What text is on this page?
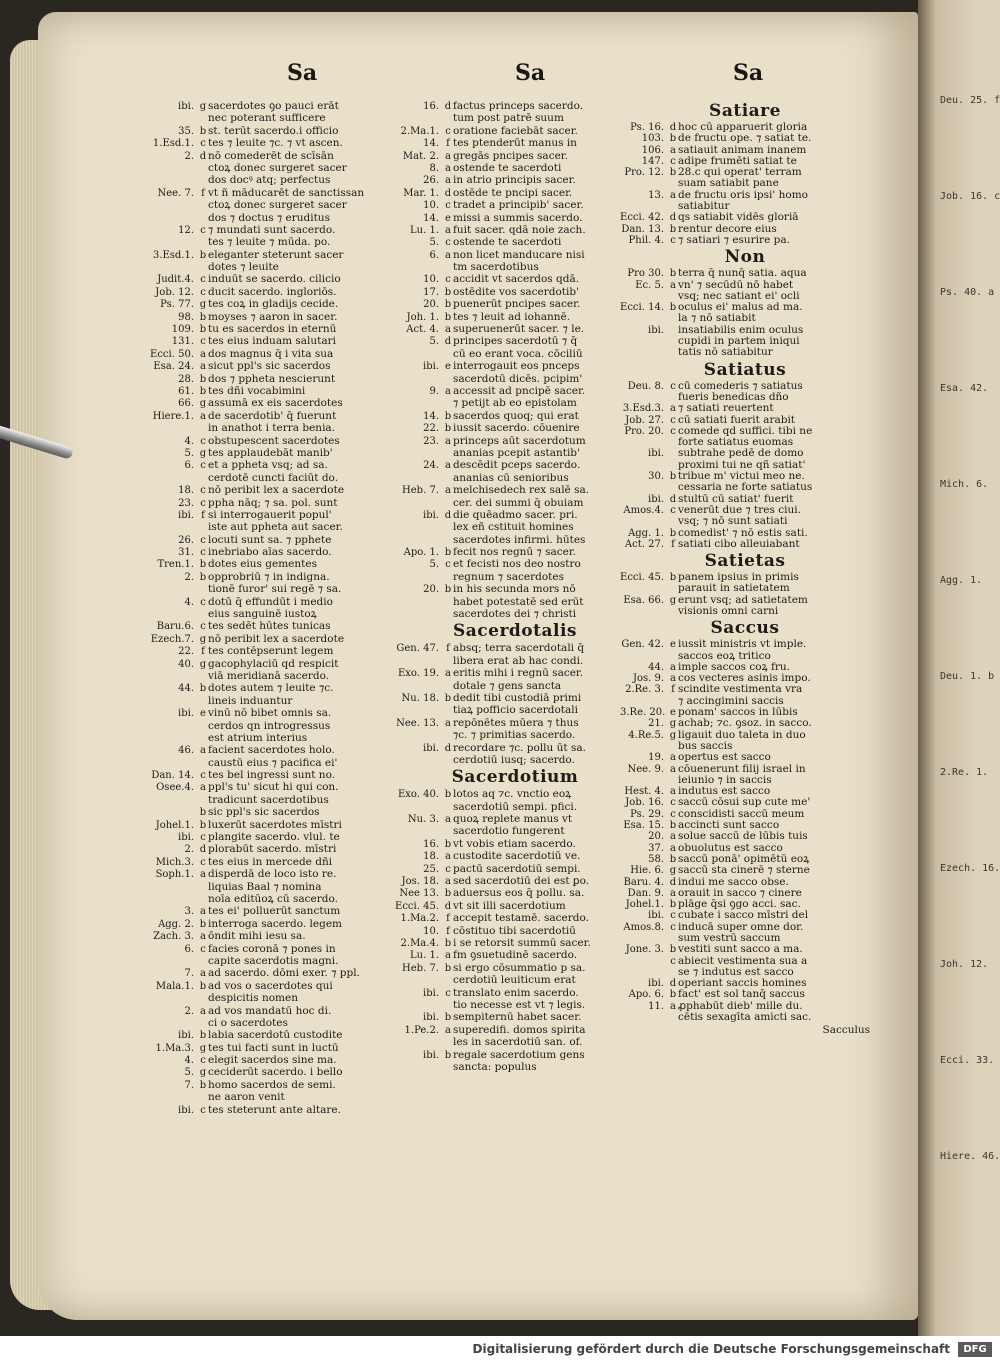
Deu. 25. f
Job. 16. c
Ps. 40. a
Esa. 42.
Mich. 6.
Agg. 1.
Deu. 1. b
2.Re. 1.
Ezech. 16.
Joh. 12.
Ecci. 33.
Hiere. 46.
Sa	Sa	Sa
ibi. g sacerdotes ꝯo pauci erāt
nec poterant sufficere
35. b st. terūt sacerdo.i officio
1.Esd.1. c tes ⁊ leuite ⁊c. ⁊ vt ascen.
2. d nō comederēt de scīsān
ctoꝝ donec surgeret sacer
dos docꝰ atq; perfectus
Nee. 7. f vt ñ māducarēt de sanctissan
ctoꝝ donec surgeret sacer
dos ⁊ doctus ⁊ eruditus
12. c ⁊ mundati sunt sacerdo.
tes ⁊ leuite ⁊ mūda. po.
3.Esd.1. b eleganter steterunt sacer
dotes ⁊ leuite
Judit.4. c induūt se sacerdo. cilicio
Job. 12. c ducit sacerdo. ingloriōs.
Ps. 77. g tes coꝝ in gladijs cecide.
98. b moyses ⁊ aaron in sacer.
109. b tu es sacerdos in eternū
131. c tes eius induam salutari
Ecci. 50. a dos magnus q̄ i vita sua
Esa. 24. a sicut ppl's sic sacerdos
28. b dos ⁊ ppheta nescierunt
61. b tes dñi vocabimini
66. g assumā ex eis sacerdotes
Hiere.1. a de sacerdotib' q̄ fuerunt
in anathot i terra benia.
4. c obstupescent sacerdotes
5. g tes applaudebāt manib'
6. c et a ppheta vsq; ad sa.
cerdotē cuncti faciūt do.
18. c nō peribit lex a sacerdote
23. c ppha nāq; ⁊ sa. pol. sunt
ibi. f si interrogauerit popul'
iste aut ppheta aut sacer.
26. c locuti sunt sa. ⁊ pphete
31. c inebriabo aīas sacerdo.
Tren.1. b dotes eius gementes
2. b opprobriū ⁊ in indigna.
tionē furor' sui regē ⁊ sa.
4. c dotū q̄ effundūt i medio
eius sanguinē iustoꝝ
Baru.6. c tes sedēt hūtes tunicas
Ezech.7. g nō peribit lex a sacerdote
22. f tes contēpserunt legem
40. g gacophylaciū qd respicit
viā meridianā sacerdo.
44. b dotes autem ⁊ leuite ⁊c.
lineis induantur
ibi. e vinū nō bibet omnis sa.
cerdos qn introgressus
est atrium interius
46. a facient sacerdotes holo.
caustū eius ⁊ pacifica ei'
Dan. 14. c tes bel ingressi sunt no.
Osee.4. a ppl's tu' sicut hi qui con.
tradicunt sacerdotibus
b sic ppl's sic sacerdos
Johel.1. b luxerūt sacerdotes mīstri
ibi. c plangite sacerdo. vlul. te
2. d plorabūt sacerdo. mīstri
Mich.3. c tes eius in mercede dñi
Soph.1. a disperdā de loco isto re.
liquias Baal ⁊ nomina
noīa editūoꝝ cū sacerdo.
3. a tes ei' polluerūt sanctum
Agg. 2. b interroga sacerdo. legem
Zach. 3. a ōndit mihi iesu sa.
6. c facies coronā ⁊ pones in
capite sacerdotis magni.
7. a ad sacerdo. dōmi exer. ⁊ ppl.
Mala.1. b ad vos o sacerdotes qui
despicitis nomen
2. a ad vos mandatū hoc di.
ci o sacerdotes
ibi. b labia sacerdotū custodite
1.Ma.3. g tes tui facti sunt in luctū
4. c elegit sacerdos sine ma.
5. g ceciderūt sacerdo. i bello
7. b homo sacerdos de semi.
ne aaron venit
ibi. c tes steterunt ante altare.
16. d factus princeps sacerdo.
tum post patrē suum
2.Ma.1. c oratione faciebāt sacer.
14. f tes ptenderūt manus in
Mat. 2. a gregās pncipes sacer.
8. a ostende te sacerdoti
26. a in atrio principis sacer.
Mar. 1. d ostēde te pncipi sacer.
10. c tradet a principib' sacer.
14. e missi a summis sacerdo.
Lu. 1. a fuit sacer. qdā noie zach.
5. c ostende te sacerdoti
6. a non licet manducare nisi
tm sacerdotibus
10. c accidit vt sacerdos qdā.
17. b ostēdite vos sacerdotib'
20. b puenerūt pncipes sacer.
Joh. 1. b tes ⁊ leuit ad iohannē.
Act. 4. a superuenerūt sacer. ⁊ le.
5. d principes sacerdotū ⁊ q̄
cū eo erant voca. cōciliū
ibi. e interrogauit eos pnceps
sacerdotū dicēs. pcipim'
9. a accessit ad pncipē sacer.
⁊ petijt ab eo epistolam
14. b sacerdos quoq; qui erat
22. b iussit sacerdo. cōuenire
23. a princeps aūt sacerdotum
ananias pcepit astantib'
24. a descēdit pceps sacerdo.
ananias cū senioribus
Heb. 7. a melchisedech rex salē sa.
cer. dei summi q̄ obuiam
ibi. d die quēadmo sacer. pri.
lex eñ cstituit homines
sacerdotes infirmi. hūtes
Apo. 1. b fecit nos regnū ⁊ sacer.
5. c et fecisti nos deo nostro
regnum ⁊ sacerdotes
20. b in his secunda mors nō
habet potestatē sed erūt
sacerdotes dei ⁊ christi
Sacerdotalis
Gen. 47. f absq; terra sacerdotali q̄
libera erat ab hac condi.
Exo. 19. a eritis mihi i regnū sacer.
dotale ⁊ gens sancta
Nu. 18. b dedit tibi custodiā primi
tiaꝝ pofficio sacerdotali
Nee. 13. a repōnētes mūera ⁊ thus
⁊c. ⁊ primitias sacerdo.
ibi. d recordare ⁊c. pollu ūt sa.
cerdotiū iusq; sacerdo.
Sacerdotium
Exo. 40. b lotos aq ⁊c. vnctio eoꝝ
sacerdotiū sempi. pfici.
Nu. 3. a quoꝝ replete manus vt
sacerdotio fungerent
16. b vt vobis etiam sacerdo.
18. a custodite sacerdotiū ve.
25. c pactū sacerdotiū sempi.
Jos. 18. a sed sacerdotiū dei est ꝑo.
Nee 13. b aduersus eos q̄ pollu. sa.
Ecci. 45. d vt sit illi sacerdotium
1.Ma.2. f accepit testamē. sacerdo.
10. f cōstituo tibi sacerdotiū
2.Ma.4. b i se retorsit summū sacer.
Lu. 1. a fm ꝯsuetudinē sacerdo.
Heb. 7. b si ergo cōsummatio p sa.
cerdotiū leuiticum erat
ibi. c translato enim sacerdo.
tio necesse est vt ⁊ legis.
ibi. b sempiternū habet sacer.
1.Pe.2. a superedifi. domos spirita
les in sacerdotiū san. of.
ibi. b regale sacerdotium gens
sancta: populus
Satiare
Ps. 16. d hoc cū apparuerit gloria
103. b de fructu ope. ⁊ satiat te.
106. a satiauit animam inanem
147. c adipe frumēti satiat te
Pro. 12. b 28.c qui operat' terram
suam satiabit pane
13. a de fructu oris ipsi' homo
satiabitur
Ecci. 42. d qs satiabit vidēs gloriā
Dan. 13. b rentur decore eius
Phil. 4. c ⁊ satiari ⁊ esurire pa.
Non
Pro 30. b terra q̄ nunq̄ satia. aqua
Ec. 5. a vn' ⁊ secūdū nō habet
vsq; nec satiant ei' ocli
Ecci. 14. b oculus ei' malus ad ma.
la ⁊ nō satiabit
ibi. insatiabilis enim oculus
cupidi in partem iniqui
tatis nō satiabitur
Satiatus
Deu. 8. c cū comederis ⁊ satiatus
fueris benedicas dño
3.Esd.3. a ⁊ satiati reuertent
Job. 27. c cū satiati fuerit arabit
Pro. 20. c comede qd suffici. tibi ne
forte satiatus euomas
ibi. subtrahe pedē de domo
proximi tui ne qñ satiat'
30. b tribue m' victui meo ne.
cessaria ne forte satiatus
ibi. d stultū cū satiat' fuerit
Amos.4. c venerūt due ⁊ tres ciui.
vsq; ⁊ nō sunt satiati
Agg. 1. b comedist' ⁊ nō estis sati.
Act. 27. f satiati cibo alleuiabant
Satietas
Ecci. 45. b panem ipsius in primis
parauit in satietatem
Esa. 66. g erunt vsq; ad satietatem
visionis omni carni
Saccus
Gen. 42. e iussit ministris vt imple.
saccos eoꝝ tritico
44. a imple saccos coꝝ fru.
Jos. 9. a cos vecteres asinis impo.
2.Re. 3. f scindite vestimenta vra
⁊ accingimini saccis
3.Re. 20. e ponam' saccos in lūbis
21. g achab; ⁊c. ꝯsoz. in sacco.
4.Re.5. g ligauit duo taleta in duo
bus saccis
19. a opertus est sacco
Nee. 9. a cōuenerunt filij israel in
ieiunio ⁊ in saccis
Hest. 4. a indutus est sacco
Job. 16. c saccū cōsui sup cute me'
Ps. 29. c conscidisti saccū meum
Esa. 15. b accincti sunt sacco
20. a solue saccū de lūbis tuis
37. a obuolutus est sacco
58. b saccū ponā' opimētū eoꝝ
Hie. 6. g saccū sta cinerē ⁊ sterne
Baru. 4. d indui me sacco obse.
Dan. 9. a orauit in sacco ⁊ cinere
Johel.1. b plāge q̄si ꝯgo acci. sac.
ibi. c cubate i sacco mīstri del
Amos.8. c inducā super omne dor.
sum vestrū saccum
Jone. 3. b vestiti sunt sacco a ma.
c abiecit vestimenta sua a
se ⁊ indutus est sacco
ibi. d operiant saccis homines
Apo. 6. b fact' est sol tanq̄ saccus
11. a ꝓphabūt dieb' mille du.
cētis sexagīta amicti sac.
Sacculus
Digitalisierung gefördert durch die Deutsche Forschungsgemeinschaft	DFG
